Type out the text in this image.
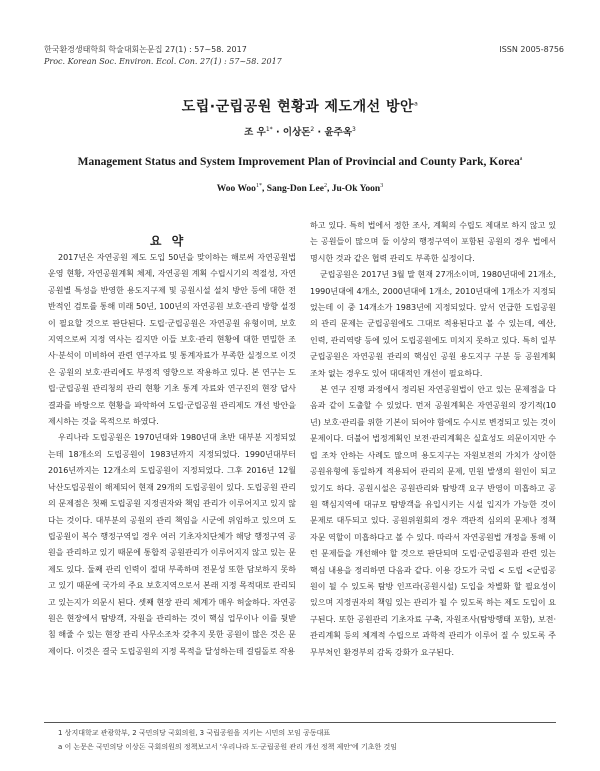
한국환경생태학회 학술대회논문집 27(1) : 57~58. 2017
Proc. Korean Soc. Environ. Ecol. Con. 27(1) : 57~58. 2017
ISSN 2005-8756
도립·군립공원 현황과 제도개선 방안$^a$
조 우$^{1*}$ · 이상돈$^2$ · 윤주옥$^3$
Management Status and System Improvement Plan of Provincial and County Park, Korea$^a$
Woo Woo$^{1*}$, Sang-Don Lee$^2$, Ju-Ok Yoon$^3$
요 약

2017년은 자연공원 제도 도입 50년을 맞이하는 해로써 자연공원법 운영 현황, 자연공원계획 체제, 자연공원 계획 수립시기의 적절성, 자연공원별 특성을 반영한 용도지구제 및 공원시설 설치 방안 등에 대한 전반적인 검토를 통해 미래 50년, 100년의 자연공원 보호·관리 방향 설정이 필요할 것으로 판단된다. 도립·군립공원은 자연공원 유형이며, 보호지역으로써 지정 역사는 길지만 이들 보호·관리 현황에 대한 면밀한 조사·분석이 미비하여 관련 연구자료 및 통계자료가 부족한 실정으로 이것은 공원의 보호·관리에도 부정적 영향으로 작용하고 있다. 본 연구는 도립·군립공원 관리청의 관리 현황 기초 통계 자료와 연구진의 현장 답사 결과를 바탕으로 현황을 파악하여 도립·군립공원 관리제도 개선 방안을 제시하는 것을 목적으로 하였다.

우리나라 도립공원은 1970년대와 1980년대 초반 대부분 지정되었는데 18개소의 도립공원이 1983년까지 지정되었다. 1990년대부터 2016년까지는 12개소의 도립공원이 지정되었다. 그후 2016년 12월 낙산도립공원이 해제되어 현재 29개의 도립공원이 있다. 도립공원 관리의 문제점은 첫째 도립공원 지정권자와 책임 관리가 이루어지고 있지 않다는 것이다. 대부분의 공원의 관리 책임을 시군에 위임하고 있으며 도립공원이 복수 행정구역일 경우 여러 기초자치단체가 해당 행정구역 공원을 관리하고 있기 때문에 통합적 공원관리가 이루어지지 않고 있는 문제도 있다. 둘째 관리 인력이 절대 부족하며 전문성 또한 담보하지 못하고 있기 때문에 국가의 주요 보호지역으로서 본래 지정 목적대로 관리되고 있는지가 의문시 된다. 셋째 현장 관리 체계가 매우 허술하다. 자연공원은 현장에서 탐방객, 자원을 관리하는 것이 핵심 업무이나 이를 뒷받침 해줄 수 있는 현장 관리 사무소조차 갖추지 못한 공원이 많은 것은 문제이다. 이것은 결국 도립공원의 지정 목적을 달성하는데 걸림돌로 작용

하고 있다. 특히 법에서 정한 조사, 계획의 수립도 제대로 하지 않고 있는 공원들이 많으며 둘 이상의 행정구역이 포함된 공원의 경우 법에서 명시한 것과 같은 협력 관리도 부족한 실정이다.

군립공원은 2017년 3월 말 현재 27개소이며, 1980년대에 21개소, 1990년대에 4개소, 2000년대에 1개소, 2010년대에 1개소가 지정되었는데 이 중 14개소가 1983년에 지정되었다. 앞서 언급한 도립공원의 관리 문제는 군립공원에도 그대로 적용된다고 볼 수 있는데, 예산, 인력, 관리역량 등에 있어 도립공원에도 미치지 못하고 있다. 특히 일부 군립공원은 자연공원 관리의 핵심인 공원 용도지구 구분 등 공원계획 조차 없는 경우도 있어 대대적인 개선이 필요하다.

본 연구 진행 과정에서 정리된 자연공원법이 안고 있는 문제점을 다음과 같이 도출할 수 있었다. 먼저 공원계획은 자연공원의 장기적(10년) 보호·관리를 위한 기본이 되어야 함에도 수시로 변경되고 있는 것이 문제이다. 더불어 법정계획인 보전·관리계획은 실효성도 의문이지만 수립 조차 안하는 사례도 많으며 용도지구는 자원보전의 가치가 상이한 공원유형에 동일하게 적용되어 관리의 문제, 민원 발생의 원인이 되고 있기도 하다. 공원시설은 공원관리와 탐방객 요구 반영이 미흡하고 공원 핵심지역에 대규모 탐방객을 유입시키는 시설 입지가 가능한 것이 문제로 대두되고 있다. 공원위원회의 경우 객관적 심의의 문제나 정책 자문 역할이 미흡하다고 볼 수 있다. 따라서 자연공원법 개정을 통해 이런 문제들을 개선해야 할 것으로 판단되며 도립·군립공원과 관련 있는 핵심 내용을 정리하면 다음과 같다. 이용 강도가 국립 < 도립 <군립공원이 될 수 있도록 탐방 인프라(공원시설) 도입을 차별화 할 필요성이 있으며 지정권자의 책임 있는 관리가 될 수 있도록 하는 제도 도입이 요구된다. 또한 공원관리 기초자료 구축, 자원조사(탐방행태 포함), 보전·관리계획 등의 체계적 수립으로 과학적 관리가 이루어 질 수 있도록 주무부처인 환경부의 감독 강화가 요구된다.

1 상지대학교 관광학부, 2 국민의당 국회의원, 3 국립공원을 지키는 시민의 모임 공동대표
a 이 논문은 국민의당 이상돈 국회의원의 정책보고서 '우리나라 도·군립공원 관리 개선 정책 제안'에 기초한 것임
